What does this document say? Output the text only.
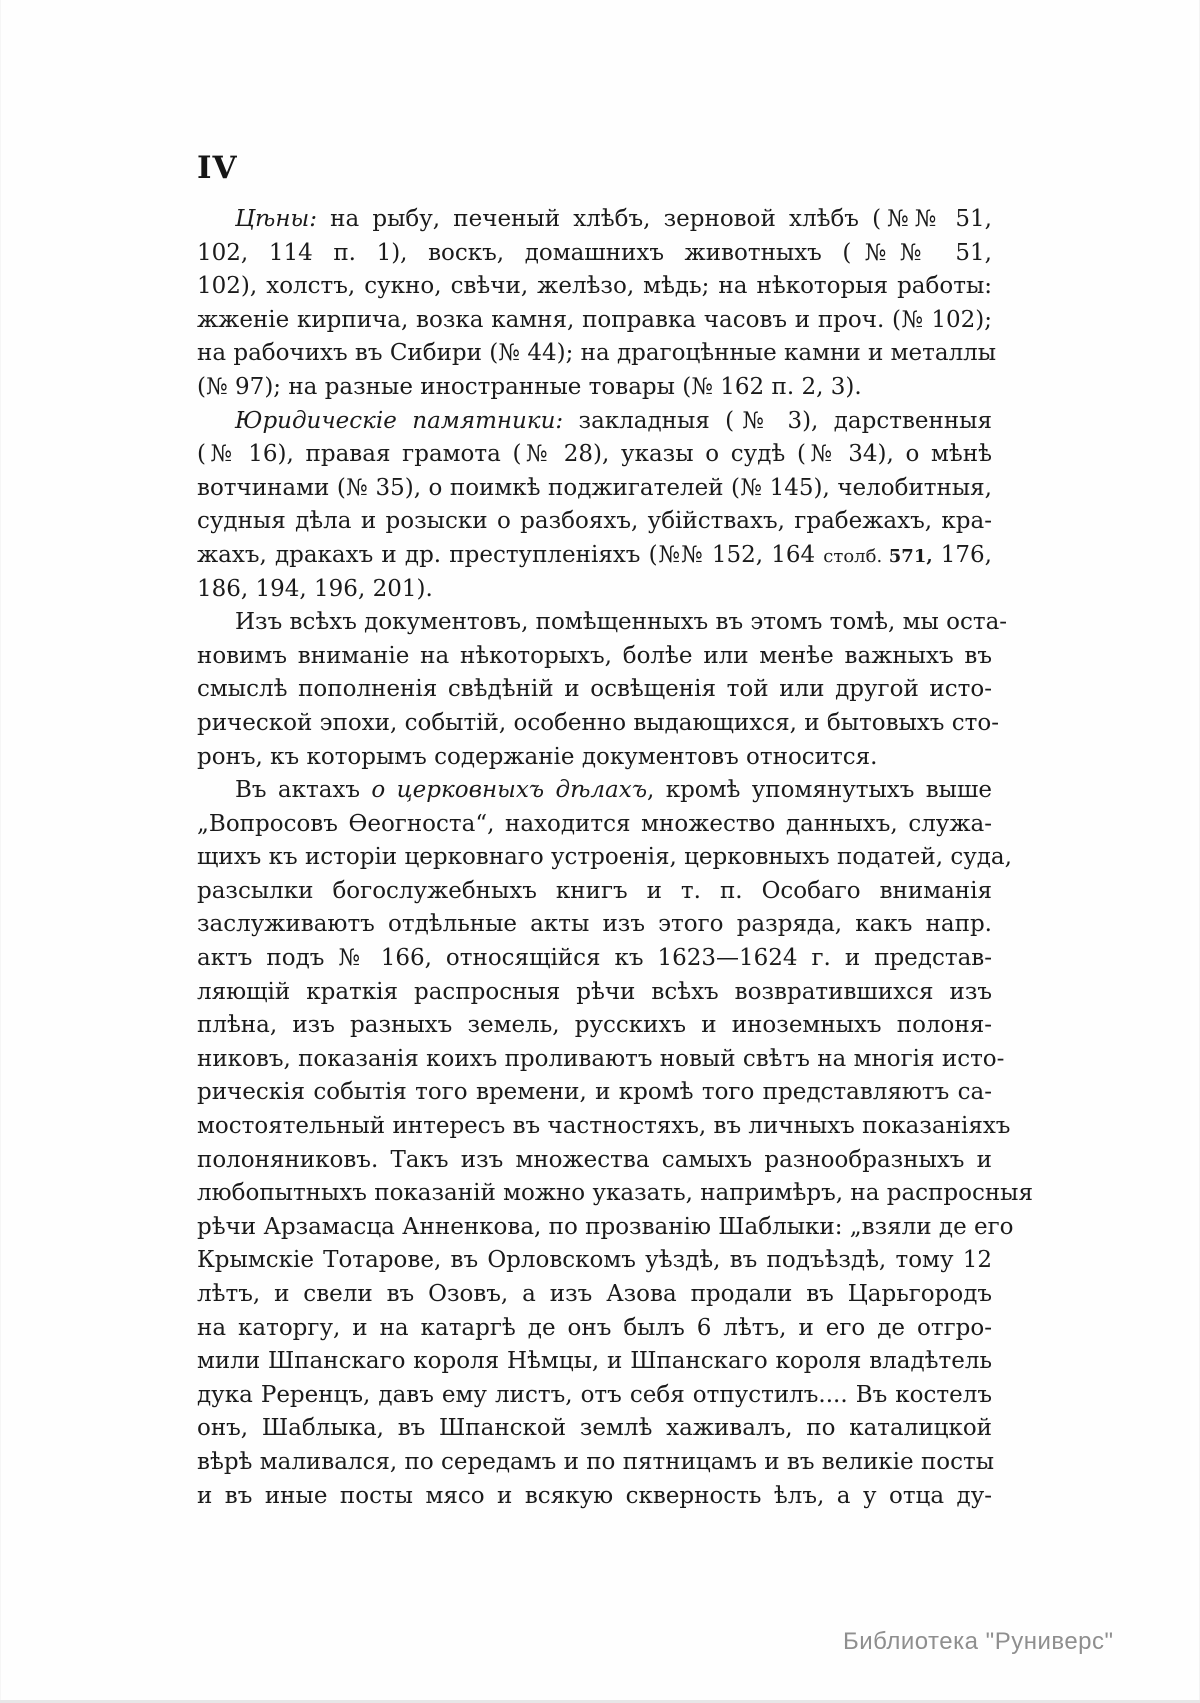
IV
Цѣны: на рыбу, печеный хлѣбъ, зерновой хлѣбъ (№№ 51,
102, 114 п. 1), воскъ, домашнихъ животныхъ (№№ 51,
102), холстъ, сукно, свѣчи, желѣзо, мѣдь; на нѣкоторыя работы:
жженіе кирпича, возка камня, поправка часовъ и проч. (№ 102);
на рабочихъ въ Сибири (№ 44); на драгоцѣнные камни и металлы
(№ 97); на разные иностранные товары (№ 162 п. 2, 3).
Юридическіе памятники: закладныя (№ 3), дарственныя
(№ 16), правая грамота (№ 28), указы о судѣ (№ 34), о мѣнѣ
вотчинами (№ 35), о поимкѣ поджигателей (№ 145), челобитныя,
судныя дѣла и розыски о разбояхъ, убійствахъ, грабежахъ, кра-
жахъ, дракахъ и др. преступленіяхъ (№№ 152, 164 столб. 571, 176,
186, 194, 196, 201).
Изъ всѣхъ документовъ, помѣщенныхъ въ этомъ томѣ, мы оста-
новимъ вниманіе на нѣкоторыхъ, болѣе или менѣе важныхъ въ
смыслѣ пополненія свѣдѣній и освѣщенія той или другой исто-
рической эпохи, событій, особенно выдающихся, и бытовыхъ сто-
ронъ, къ которымъ содержаніе документовъ относится.
Въ актахъ о церковныхъ дѣлахъ, кромѣ упомянутыхъ выше
„Вопросовъ Ѳеогноста“, находится множество данныхъ, служа-
щихъ къ исторіи церковнаго устроенія, церковныхъ податей, суда,
разсылки богослужебныхъ книгъ и т. п. Особаго вниманія
заслуживаютъ отдѣльные акты изъ этого разряда, какъ напр.
актъ подъ № 166, относящійся къ 1623—1624 г. и представ-
ляющій краткія распросныя рѣчи всѣхъ возвратившихся изъ
плѣна, изъ разныхъ земель, русскихъ и иноземныхъ полоня-
никовъ, показанія коихъ проливаютъ новый свѣтъ на многія исто-
рическія событія того времени, и кромѣ того представляютъ са-
мостоятельный интересъ въ частностяхъ, въ личныхъ показаніяхъ
полоняниковъ. Такъ изъ множества самыхъ разнообразныхъ и
любопытныхъ показаній можно указать, напримѣръ, на распросныя
рѣчи Арзамасца Анненкова, по прозванію Шаблыки: „взяли де его
Крымскіе Тотарове, въ Орловскомъ уѣздѣ, въ подъѣздѣ, тому 12
лѣтъ, и свели въ Озовъ, а изъ Азова продали въ Царьгородъ
на каторгу, и на катаргѣ де онъ былъ 6 лѣтъ, и его де отгро-
мили Шпанскаго короля Нѣмцы, и Шпанскаго короля владѣтель
дука Реренцъ, давъ ему листъ, отъ себя отпустилъ.... Въ костелъ
онъ, Шаблыка, въ Шпанской землѣ хаживалъ, по каталицкой
вѣрѣ маливался, по середамъ и по пятницамъ и въ великіе посты
и въ иные посты мясо и всякую скверность ѣлъ, а у отца ду-
Библиотека "Руниверс"
